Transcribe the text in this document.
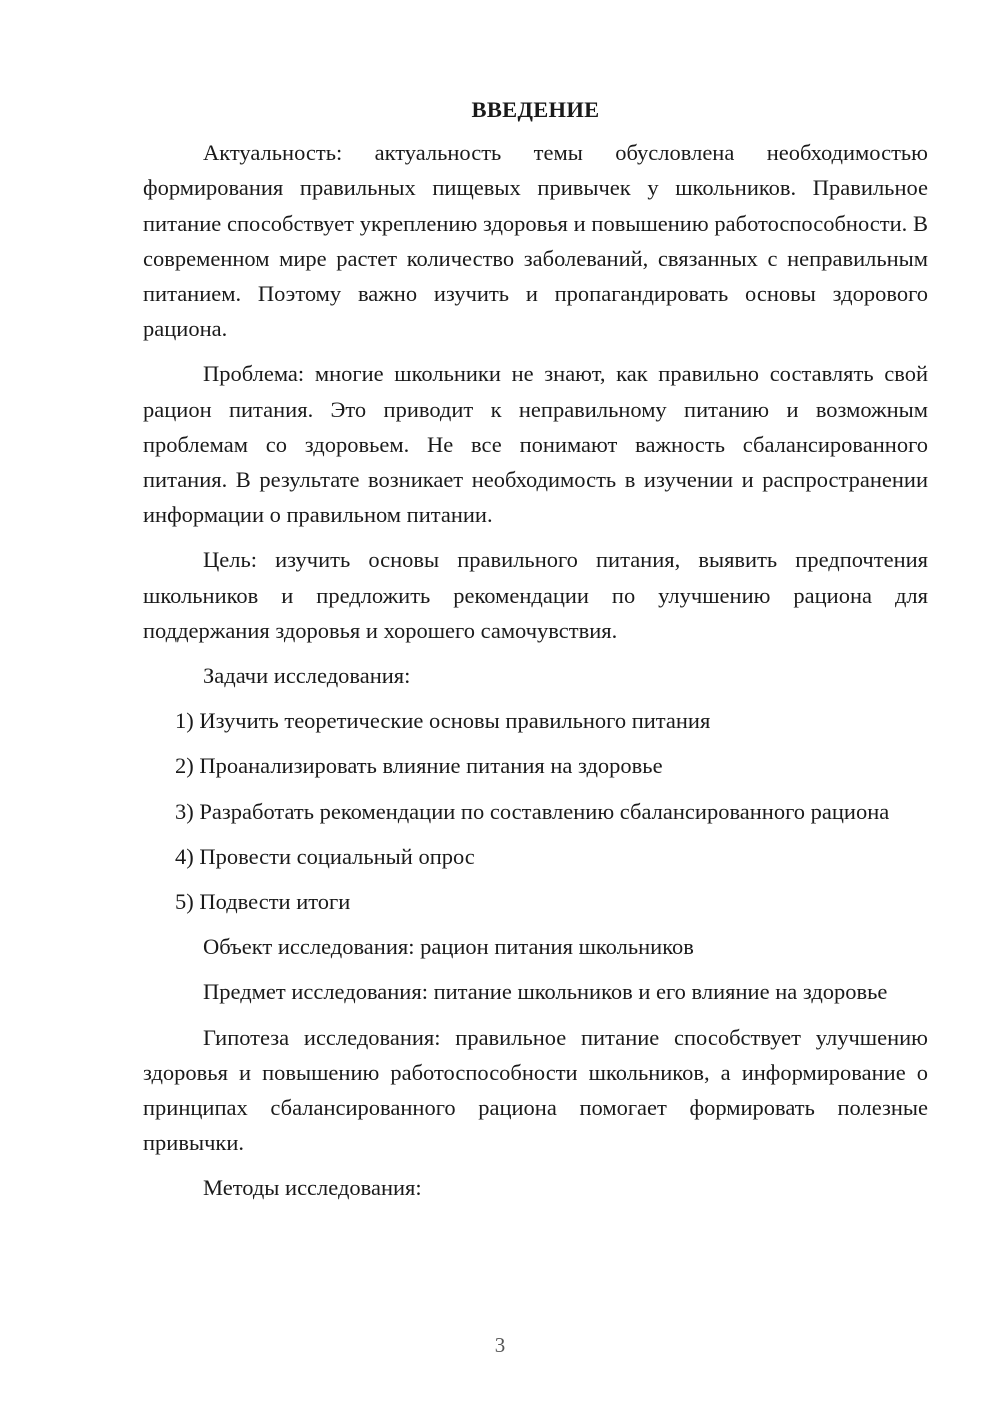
ВВЕДЕНИЕ

Актуальность: актуальность темы обусловлена необходимостью формирования правильных пищевых привычек у школьников. Правильное питание способствует укреплению здоровья и повышению работоспособности. В современном мире растет количество заболеваний, связанных с неправильным питанием. Поэтому важно изучить и пропагандировать основы здорового рациона.

Проблема: многие школьники не знают, как правильно составлять свой рацион питания. Это приводит к неправильному питанию и возможным проблемам со здоровьем. Не все понимают важность сбалансированного питания. В результате возникает необходимость в изучении и распространении информации о правильном питании.

Цель: изучить основы правильного питания, выявить предпочтения школьников и предложить рекомендации по улучшению рациона для поддержания здоровья и хорошего самочувствия.

Задачи исследования:

1) Изучить теоретические основы правильного питания

2) Проанализировать влияние питания на здоровье

3) Разработать рекомендации по составлению сбалансированного рациона

4) Провести социальный опрос

5) Подвести итоги

Объект исследования: рацион питания школьников

Предмет исследования: питание школьников и его влияние на здоровье

Гипотеза исследования: правильное питание способствует улучшению здоровья и повышению работоспособности школьников, а информирование о принципах сбалансированного рациона помогает формировать полезные привычки.

Методы исследования:

3
